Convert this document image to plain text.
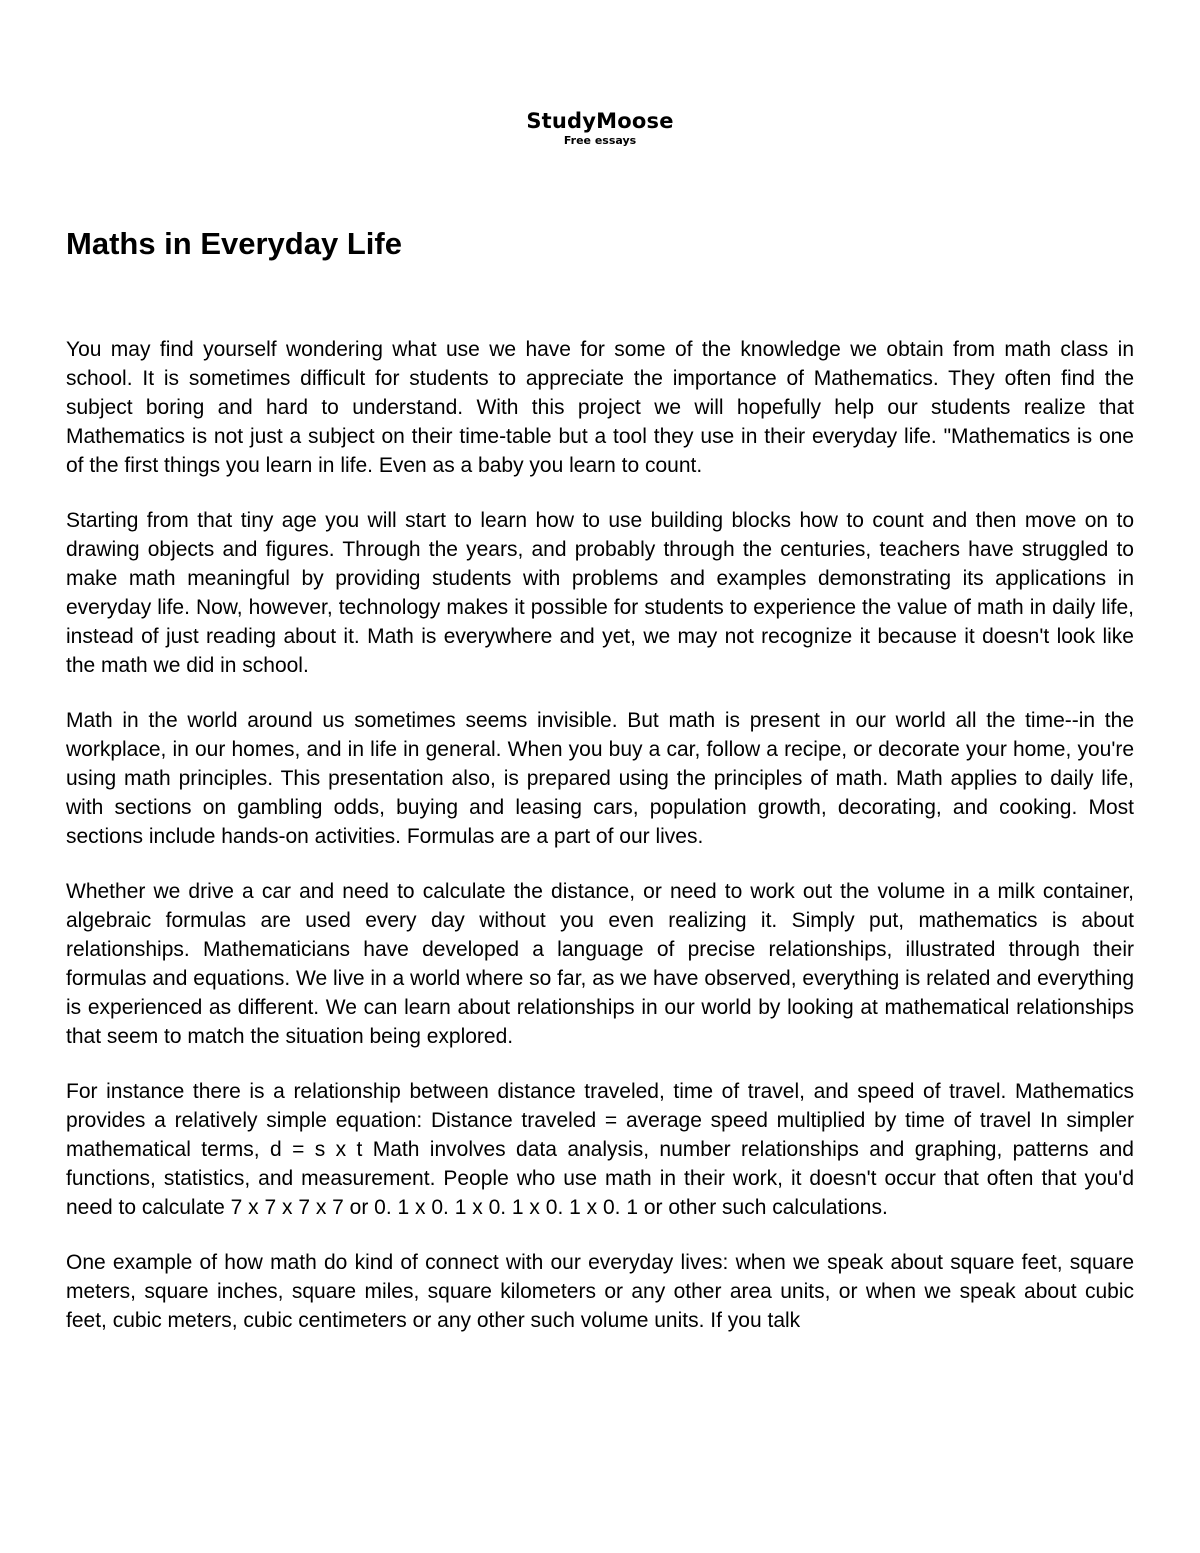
StudyMoose
Free essays
Maths in Everyday Life

You may find yourself wondering what use we have for some of the knowledge we obtain from math class in school. It is sometimes difficult for students to appreciate the importance of Mathematics. They often find the subject boring and hard to understand. With this project we will hopefully help our students realize that Mathematics is not just a subject on their time-table but a tool they use in their everyday life. "Mathematics is one of the first things you learn in life. Even as a baby you learn to count.

Starting from that tiny age you will start to learn how to use building blocks how to count and then move on to drawing objects and figures. Through the years, and probably through the centuries, teachers have struggled to make math meaningful by providing students with problems and examples demonstrating its applications in everyday life. Now, however, technology makes it possible for students to experience the value of math in daily life, instead of just reading about it. Math is everywhere and yet, we may not recognize it because it doesn't look like the math we did in school.

Math in the world around us sometimes seems invisible. But math is present in our world all the time--in the workplace, in our homes, and in life in general. When you buy a car, follow a recipe, or decorate your home, you're using math principles. This presentation also, is prepared using the principles of math. Math applies to daily life, with sections on gambling odds, buying and leasing cars, population growth, decorating, and cooking. Most sections include hands-on activities. Formulas are a part of our lives.

Whether we drive a car and need to calculate the distance, or need to work out the volume in a milk container, algebraic formulas are used every day without you even realizing it. Simply put, mathematics is about relationships. Mathematicians have developed a language of precise relationships, illustrated through their formulas and equations. We live in a world where so far, as we have observed, everything is related and everything is experienced as different. We can learn about relationships in our world by looking at mathematical relationships that seem to match the situation being explored.

For instance there is a relationship between distance traveled, time of travel, and speed of travel. Mathematics provides a relatively simple equation: Distance traveled = average speed multiplied by time of travel In simpler mathematical terms, d = s x t Math involves data analysis, number relationships and graphing, patterns and functions, statistics, and measurement. People who use math in their work, it doesn't occur that often that you'd need to calculate 7 x 7 x 7 x 7 or 0. 1 x 0. 1 x 0. 1 x 0. 1 x 0. 1 or other such calculations.

One example of how math do kind of connect with our everyday lives: when we speak about square feet, square meters, square inches, square miles, square kilometers or any other area units, or when we speak about cubic feet, cubic meters, cubic centimeters or any other such volume units. If you talk
